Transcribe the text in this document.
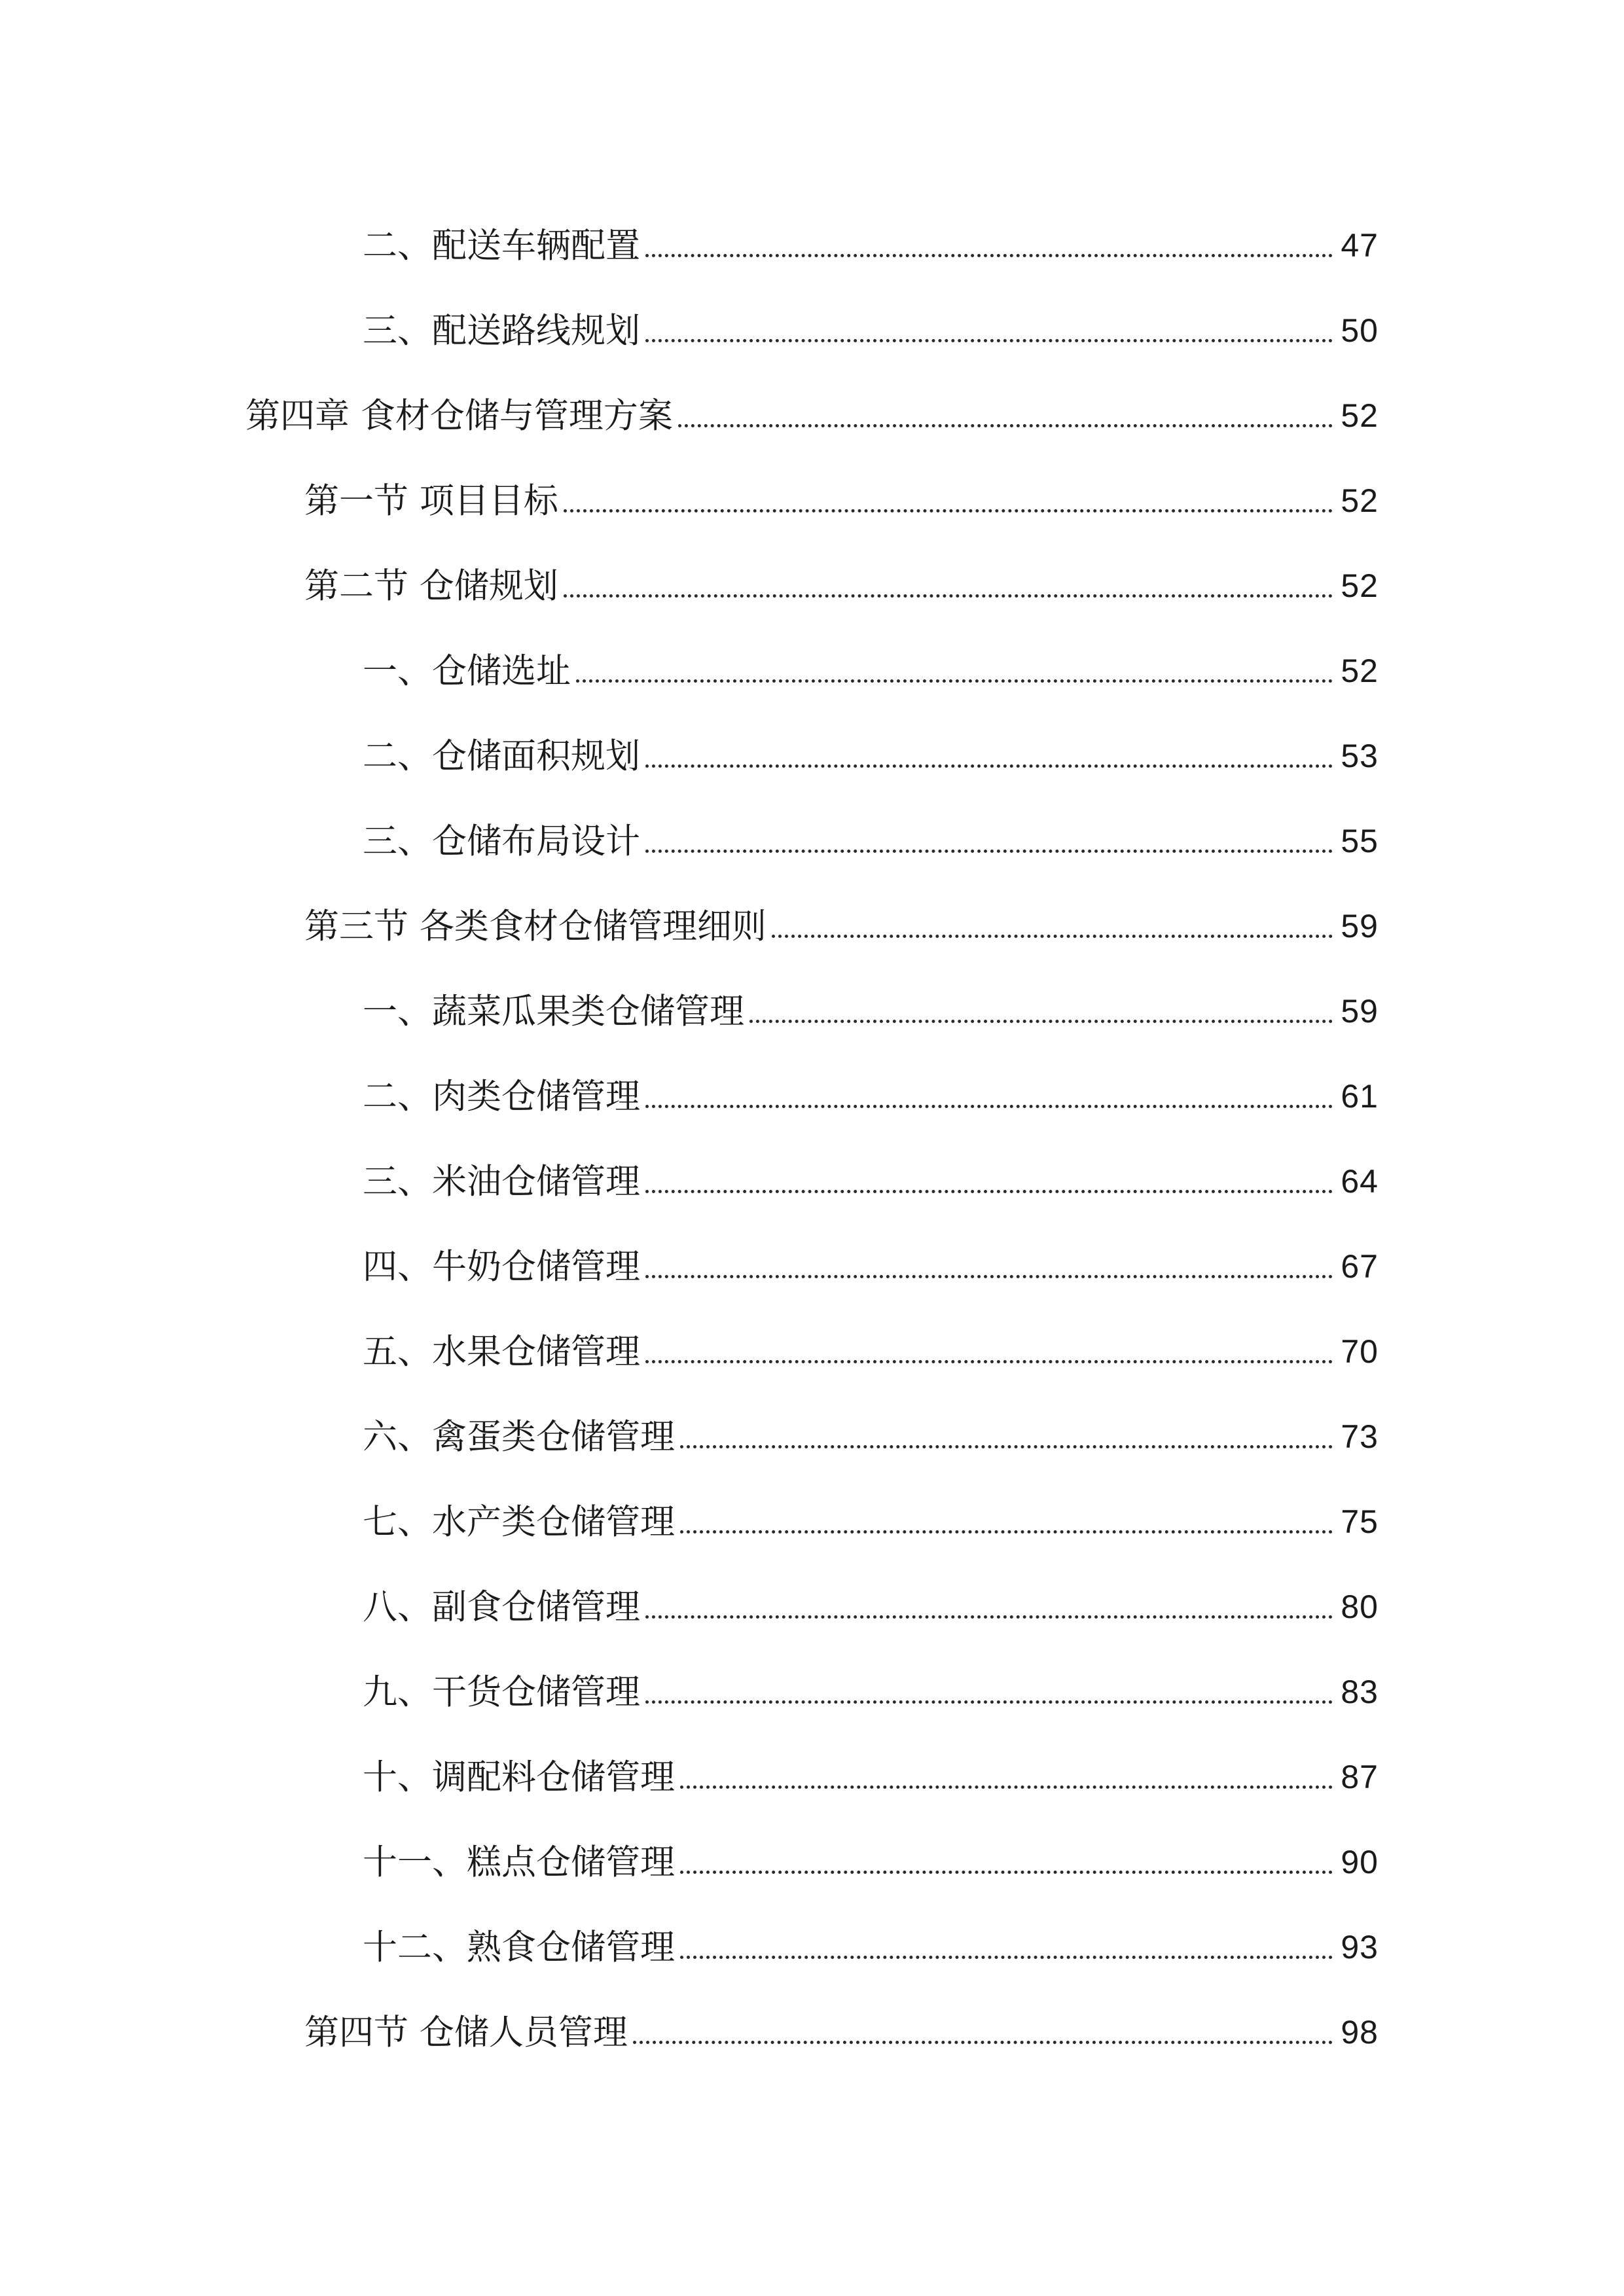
二、配送车辆配置	47
三、配送路线规划	50
第四章 食材仓储与管理方案	52
第一节 项目目标	52
第二节 仓储规划	52
一、仓储选址	52
二、仓储面积规划	53
三、仓储布局设计	55
第三节 各类食材仓储管理细则	59
一、蔬菜瓜果类仓储管理	59
二、肉类仓储管理	61
三、米油仓储管理	64
四、牛奶仓储管理	67
五、水果仓储管理	70
六、禽蛋类仓储管理	73
七、水产类仓储管理	75
八、副食仓储管理	80
九、干货仓储管理	83
十、调配料仓储管理	87
十一、糕点仓储管理	90
十二、熟食仓储管理	93
第四节 仓储人员管理	98
